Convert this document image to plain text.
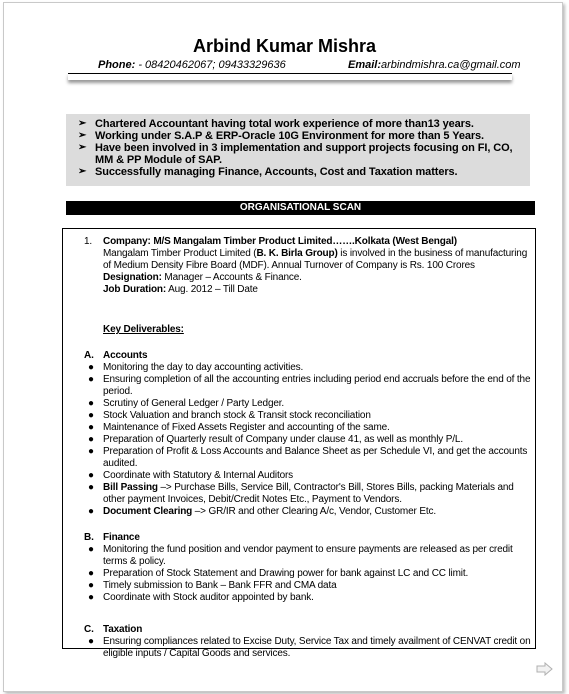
Arbind Kumar Mishra
Phone: - 08420462067; 09433329636	Email:arbindmishra.ca@gmail.com
➢ Chartered Accountant having total work experience of more than13 years.
➢ Working under S.A.P & ERP-Oracle 10G Environment for more than 5 Years.
➢ Have been involved in 3 implementation and support projects focusing on FI, CO, MM & PP Module of SAP.
➢ Successfully managing Finance, Accounts, Cost and Taxation matters.
ORGANISATIONAL SCAN
1. Company: M/S Mangalam Timber Product Limited…….Kolkata (West Bengal)
Mangalam Timber Product Limited (B. K. Birla Group) is involved in the business of manufacturing of Medium Density Fibre Board (MDF). Annual Turnover of Company is Rs. 100 Crores
Designation: Manager – Accounts & Finance.
Job Duration: Aug. 2012 – Till Date
Key Deliverables:
A. Accounts
● Monitoring the day to day accounting activities.
● Ensuring completion of all the accounting entries including period end accruals before the end of the period.
● Scrutiny of General Ledger / Party Ledger.
● Stock Valuation and branch stock & Transit stock reconciliation
● Maintenance of Fixed Assets Register and accounting of the same.
● Preparation of Quarterly result of Company under clause 41, as well as monthly P/L.
● Preparation of Profit & Loss Accounts and Balance Sheet as per Schedule VI, and get the accounts audited.
● Coordinate with Statutory & Internal Auditors
● Bill Passing –> Purchase Bills, Service Bill, Contractor's Bill, Stores Bills, packing Materials and other payment Invoices, Debit/Credit Notes Etc., Payment to Vendors.
● Document Clearing –> GR/IR and other Clearing A/c, Vendor, Customer Etc.
B. Finance
● Monitoring the fund position and vendor payment to ensure payments are released as per credit terms & policy.
● Preparation of Stock Statement and Drawing power for bank against LC and CC limit.
● Timely submission to Bank – Bank FFR and CMA data
● Coordinate with Stock auditor appointed by bank.
C. Taxation
● Ensuring compliances related to Excise Duty, Service Tax and timely availment of CENVAT credit on eligible inputs / Capital Goods and services.
